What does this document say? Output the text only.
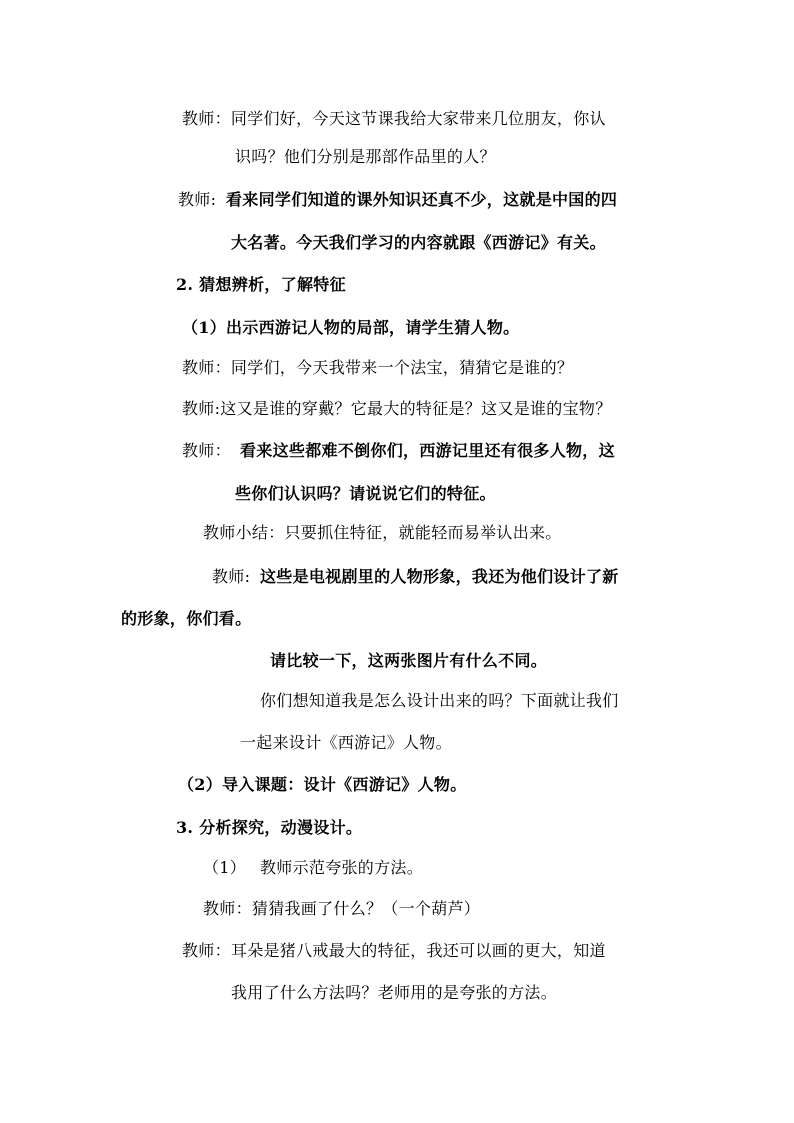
教师：同学们好，今天这节课我给大家带来几位朋友，你认
识吗？他们分别是那部作品里的人？
教师: 看来同学们知道的课外知识还真不少，这就是中国的四
大名著。今天我们学习的内容就跟《西游记》有关。
2. 猜想辨析，了解特征
（1）出示西游记人物的局部，请学生猜人物。
教师：同学们，今天我带来一个法宝，猜猜它是谁的？
教师:这又是谁的穿戴？它最大的特征是？这又是谁的宝物？
教师： 看来这些都难不倒你们，西游记里还有很多人物，这
些你们认识吗？请说说它们的特征。
教师小结：只要抓住特征，就能轻而易举认出来。
教师: 这些是电视剧里的人物形象，我还为他们设计了新
的形象，你们看。
请比较一下，这两张图片有什么不同。
你们想知道我是怎么设计出来的吗？下面就让我们
一起来设计《西游记》人物。
（2）导入课题：设计《西游记》人物。
3. 分析探究，动漫设计。
（1） 教师示范夸张的方法。
教师：猜猜我画了什么？（一个葫芦）
教师：耳朵是猪八戒最大的特征，我还可以画的更大，知道
我用了什么方法吗？老师用的是夸张的方法。
